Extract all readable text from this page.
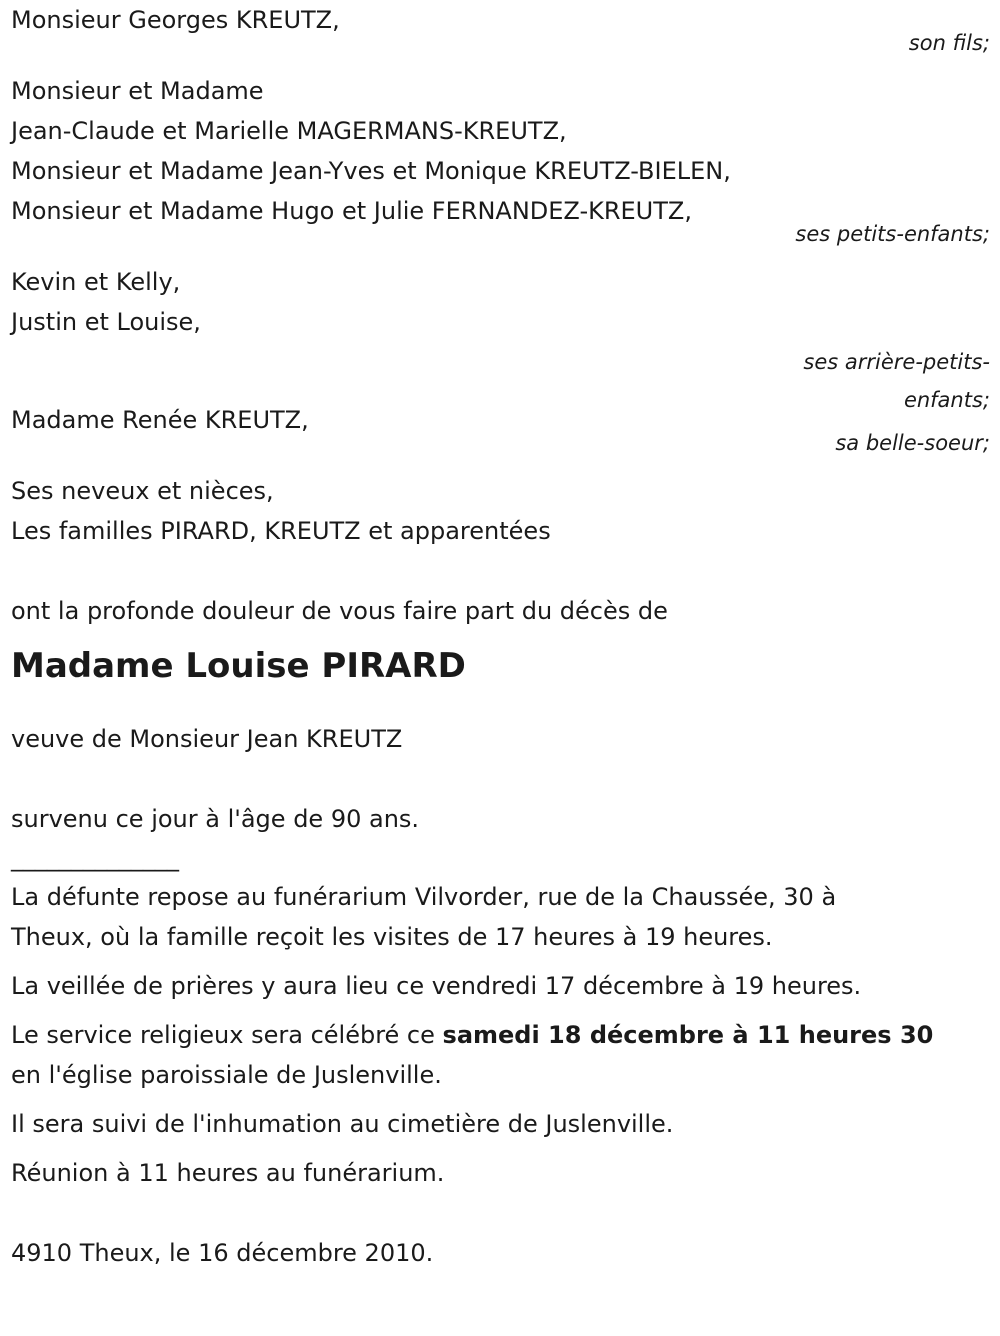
Monsieur Georges KREUTZ,
son fils;
Monsieur et Madame
Jean-Claude et Marielle MAGERMANS-KREUTZ,
Monsieur et Madame Jean-Yves et Monique KREUTZ-BIELEN,
Monsieur et Madame Hugo et Julie FERNANDEZ-KREUTZ,
ses petits-enfants;
Kevin et Kelly,
Justin et Louise,
ses arrière-petits-
enfants;
Madame Renée KREUTZ,
sa belle-soeur;
Ses neveux et nièces,
Les familles PIRARD, KREUTZ et apparentées
ont la profonde douleur de vous faire part du décès de
Madame Louise PIRARD
veuve de Monsieur Jean KREUTZ
survenu ce jour à l'âge de 90 ans.
______________
La défunte repose au funérarium Vilvorder, rue de la Chaussée, 30 à
Theux, où la famille reçoit les visites de 17 heures à 19 heures.
La veillée de prières y aura lieu ce vendredi 17 décembre à 19 heures.
Le service religieux sera célébré ce samedi 18 décembre à 11 heures 30
en l'église paroissiale de Juslenville.
Il sera suivi de l'inhumation au cimetière de Juslenville.
Réunion à 11 heures au funérarium.
4910 Theux, le 16 décembre 2010.
